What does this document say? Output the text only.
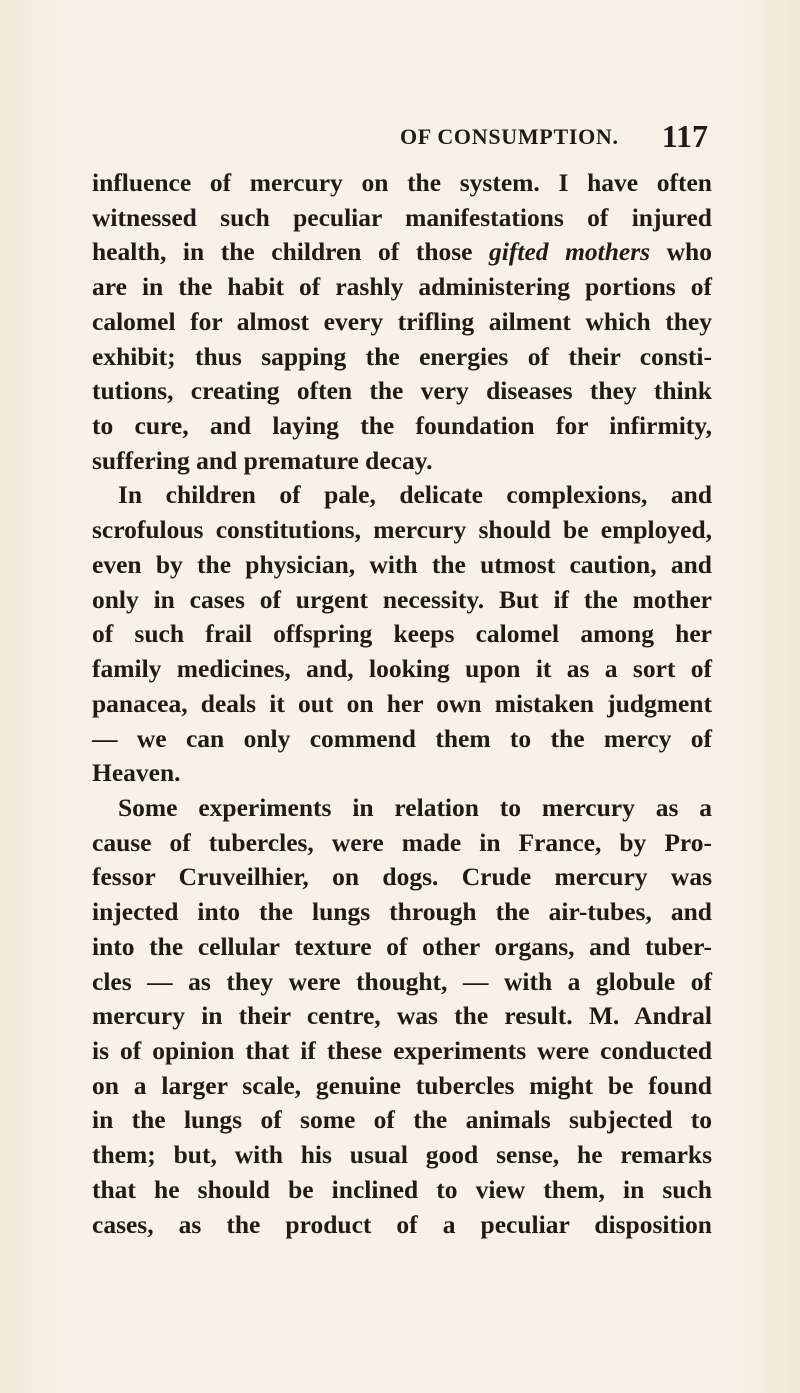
OF CONSUMPTION. 117
influence of mercury on the system. I have often
witnessed such peculiar manifestations of injured
health, in the children of those gifted mothers who
are in the habit of rashly administering portions of
calomel for almost every trifling ailment which they
exhibit; thus sapping the energies of their consti-
tutions, creating often the very diseases they think
to cure, and laying the foundation for infirmity,
suffering and premature decay.
In children of pale, delicate complexions, and
scrofulous constitutions, mercury should be employed,
even by the physician, with the utmost caution, and
only in cases of urgent necessity. But if the mother
of such frail offspring keeps calomel among her
family medicines, and, looking upon it as a sort of
panacea, deals it out on her own mistaken judgment
— we can only commend them to the mercy of
Heaven.
Some experiments in relation to mercury as a
cause of tubercles, were made in France, by Pro-
fessor Cruveilhier, on dogs. Crude mercury was
injected into the lungs through the air-tubes, and
into the cellular texture of other organs, and tuber-
cles — as they were thought, — with a globule of
mercury in their centre, was the result. M. Andral
is of opinion that if these experiments were conducted
on a larger scale, genuine tubercles might be found
in the lungs of some of the animals subjected to
them; but, with his usual good sense, he remarks
that he should be inclined to view them, in such
cases, as the product of a peculiar disposition
